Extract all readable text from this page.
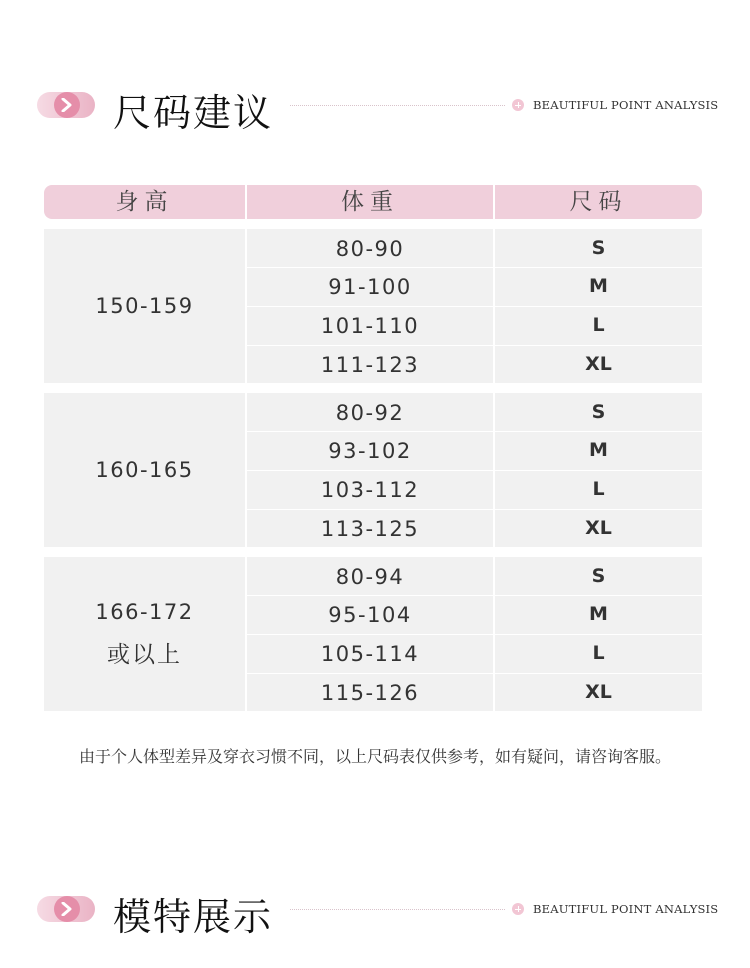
尺码建议	BEAUTIFUL POINT ANALYSIS
身高	体重	尺码
150-159
80-90	S
91-100	M
101-110	L
111-123	XL
160-165
80-92	S
93-102	M
103-112	L
113-125	XL
166-172
或以上
80-94	S
95-104	M
105-114	L
115-126	XL
由于个人体型差异及穿衣习惯不同，以上尺码表仅供参考，如有疑问，请咨询客服。
模特展示	BEAUTIFUL POINT ANALYSIS
